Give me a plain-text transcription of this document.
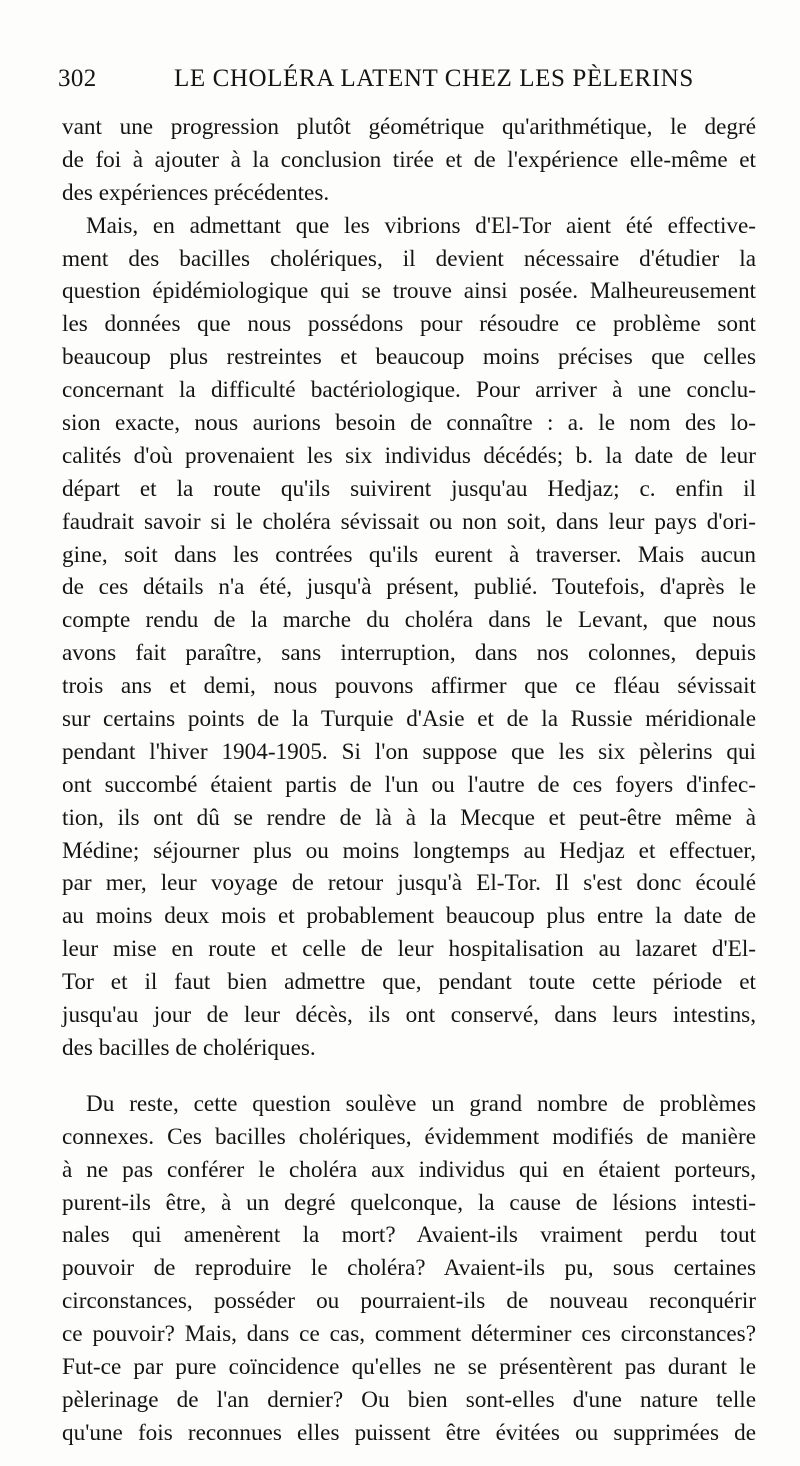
302	LE CHOLÉRA LATENT CHEZ LES PÈLERINS
vant une progression plutôt géométrique qu'arithmétique, le degré
de foi à ajouter à la conclusion tirée et de l'expérience elle-même et
des expériences précédentes.
Mais, en admettant que les vibrions d'El-Tor aient été effective-
ment des bacilles cholériques, il devient nécessaire d'étudier la
question épidémiologique qui se trouve ainsi posée. Malheureusement
les données que nous possédons pour résoudre ce problème sont
beaucoup plus restreintes et beaucoup moins précises que celles
concernant la difficulté bactériologique. Pour arriver à une conclu-
sion exacte, nous aurions besoin de connaître : a. le nom des lo-
calités d'où provenaient les six individus décédés; b. la date de leur
départ et la route qu'ils suivirent jusqu'au Hedjaz; c. enfin il
faudrait savoir si le choléra sévissait ou non soit, dans leur pays d'ori-
gine, soit dans les contrées qu'ils eurent à traverser. Mais aucun
de ces détails n'a été, jusqu'à présent, publié. Toutefois, d'après le
compte rendu de la marche du choléra dans le Levant, que nous
avons fait paraître, sans interruption, dans nos colonnes, depuis
trois ans et demi, nous pouvons affirmer que ce fléau sévissait
sur certains points de la Turquie d'Asie et de la Russie méridionale
pendant l'hiver 1904-1905. Si l'on suppose que les six pèlerins qui
ont succombé étaient partis de l'un ou l'autre de ces foyers d'infec-
tion, ils ont dû se rendre de là à la Mecque et peut-être même à
Médine; séjourner plus ou moins longtemps au Hedjaz et effectuer,
par mer, leur voyage de retour jusqu'à El-Tor. Il s'est donc écoulé
au moins deux mois et probablement beaucoup plus entre la date de
leur mise en route et celle de leur hospitalisation au lazaret d'El-
Tor et il faut bien admettre que, pendant toute cette période et
jusqu'au jour de leur décès, ils ont conservé, dans leurs intestins,
des bacilles de cholériques.
Du reste, cette question soulève un grand nombre de problèmes
connexes. Ces bacilles cholériques, évidemment modifiés de manière
à ne pas conférer le choléra aux individus qui en étaient porteurs,
purent-ils être, à un degré quelconque, la cause de lésions intesti-
nales qui amenèrent la mort? Avaient-ils vraiment perdu tout
pouvoir de reproduire le choléra? Avaient-ils pu, sous certaines
circonstances, posséder ou pourraient-ils de nouveau reconquérir
ce pouvoir? Mais, dans ce cas, comment déterminer ces circonstances?
Fut-ce par pure coïncidence qu'elles ne se présentèrent pas durant le
pèlerinage de l'an dernier? Ou bien sont-elles d'une nature telle
qu'une fois reconnues elles puissent être évitées ou supprimées de
